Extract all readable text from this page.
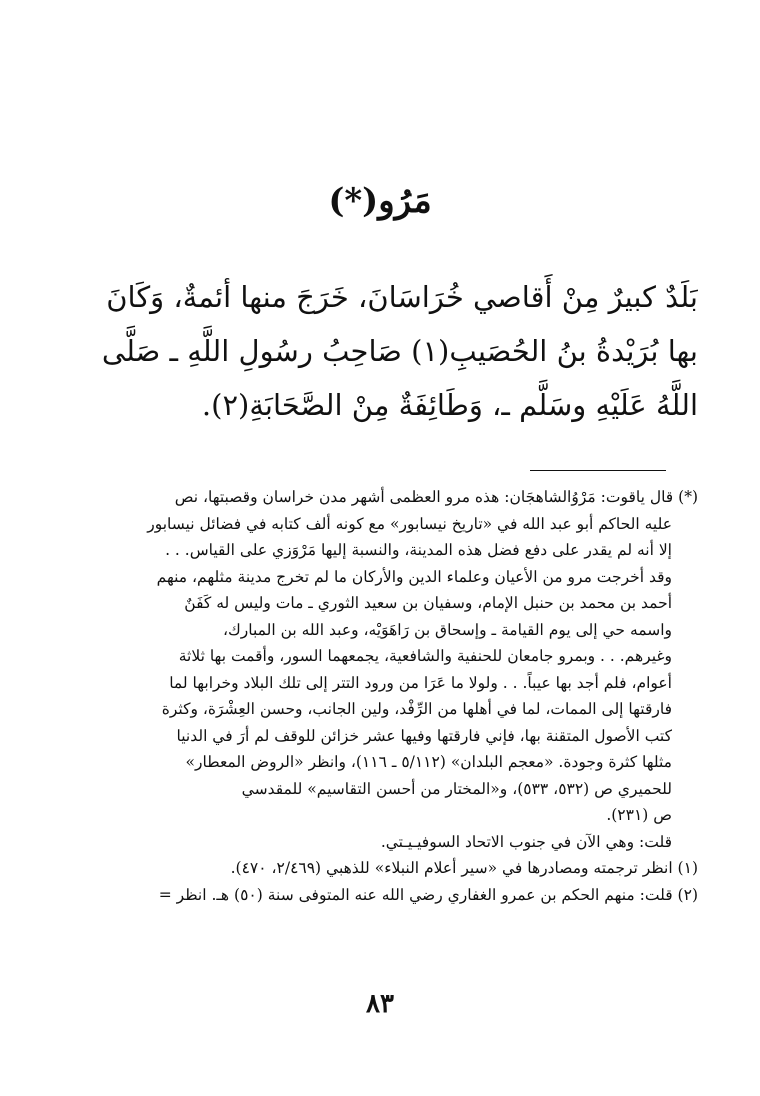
مَرُو(*)
بَلَدٌ كبيرٌ مِنْ أَقاصي خُرَاسَانَ، خَرَجَ منها أئمةٌ، وَكَانَ
بها بُرَيْدةُ بنُ الحُصَيبِ(١) صَاحِبُ رسُولِ اللَّهِ ـ صَلَّى
اللَّهُ عَلَيْهِ وسَلَّم ـ، وَطَائِفَةٌ مِنْ الصَّحَابَةِ(٢).
(*) قال ياقوت: مَرْوُالشاهجَان: هذه مرو العظمى أشهر مدن خراسان وقصبتها، نص
عليه الحاكم أبو عبد الله في «تاريخ نيسابور» مع كونه ألف كتابه في فضائل نيسابور
إلا أنه لم يقدر على دفع فضل هذه المدينة، والنسبة إليها مَرْوَزي على القياس. . .
وقد أخرجت مرو من الأعيان وعلماء الدين والأركان ما لم تخرج مدينة مثلهم، منهم
أحمد بن محمد بن حنبل الإمام، وسفيان بن سعيد الثوري ـ مات وليس له كَفَنٌ
واسمه حي إلى يوم القيامة ـ وإسحاق بن رَاهَوَيْه، وعبد الله بن المبارك،
وغيرهم. . . وبمرو جامعان للحنفية والشافعية، يجمعهما السور، وأقمت بها ثلاثة
أعوام، فلم أجد بها عيباً. . . ولولا ما عَرَا من ورود التتر إلى تلك البلاد وخرابها لما
فارقتها إلى الممات، لما في أهلها من الرِّفْد، ولين الجانب، وحسن العِشْرَة، وكثرة
كتب الأصول المتقنة بها، فإني فارقتها وفيها عشر خزائن للوقف لم أرَ في الدنيا
مثلها كثرة وجودة. «معجم البلدان» (٥/١١٢ ـ ١١٦)، وانظر «الروض المعطار»
للحميري ص (٥٣٢، ٥٣٣)، و«المختار من أحسن التقاسيم» للمقدسي
ص (٢٣١).
قلت: وهي الآن في جنوب الاتحاد السوفيـيـتي.
(١) انظر ترجمته ومصادرها في «سير أعلام النبلاء» للذهبي (٢/٤٦٩، ٤٧٠).
(٢) قلت: منهم الحكم بن عمرو الغفاري رضي الله عنه المتوفى سنة (٥٠) هـ. انظر =
٨٣
